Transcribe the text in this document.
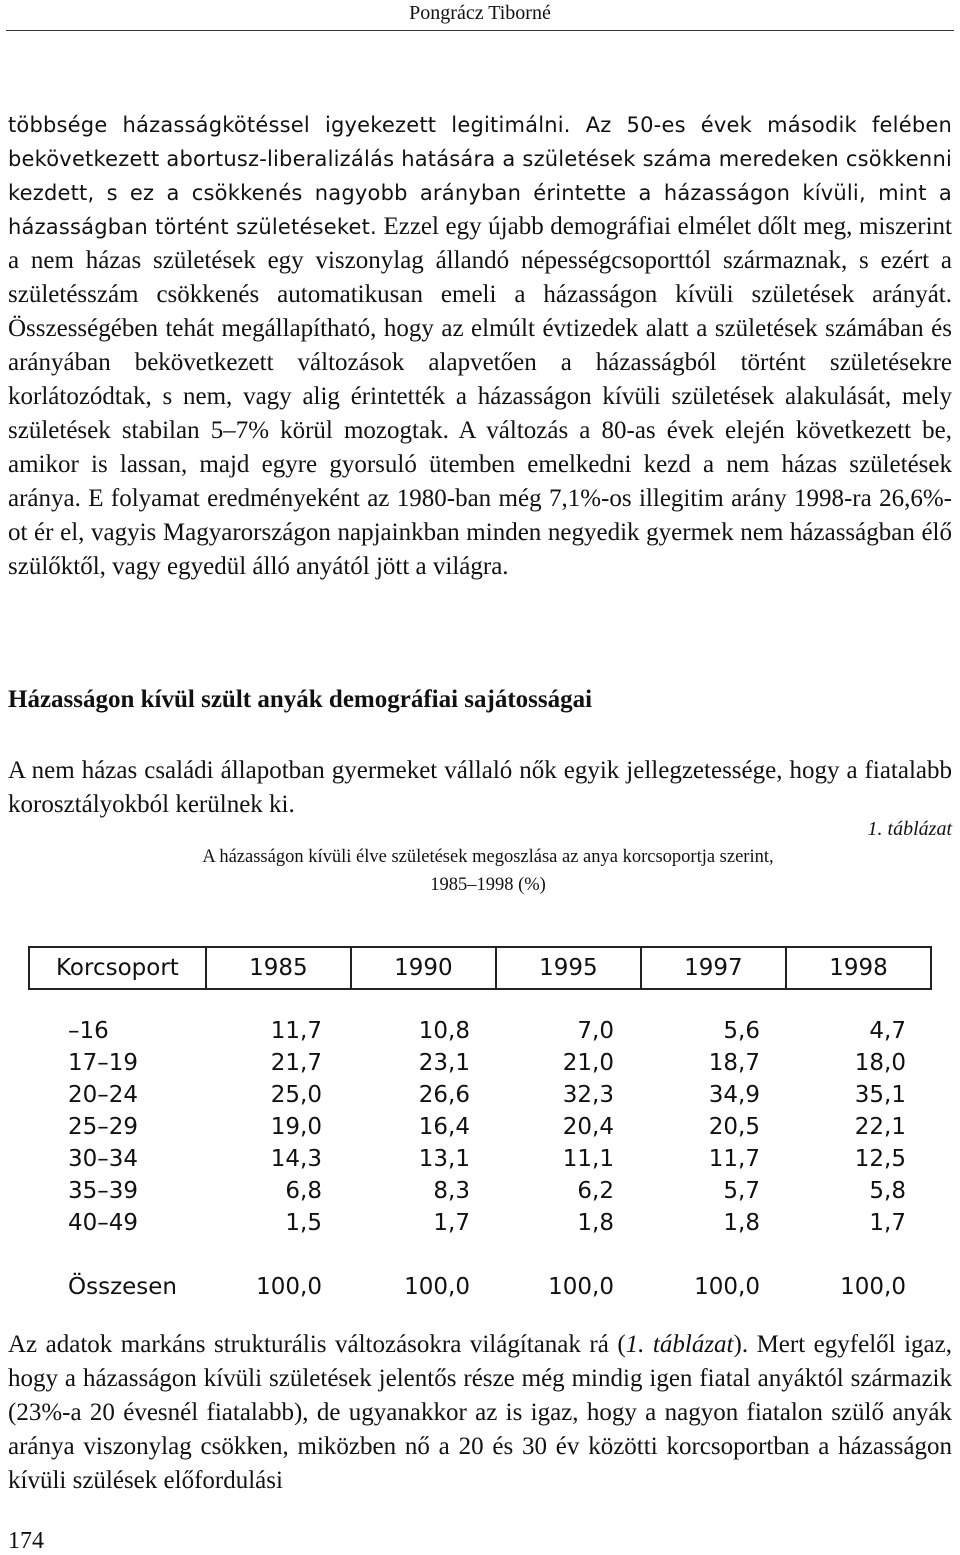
Pongrácz Tiborné
többsége házasságkötéssel igyekezett legitimálni. Az 50-es évek második felében bekövetkezett abortusz-liberalizálás hatására a születések száma meredeken csökkenni kezdett, s ez a csökkenés nagyobb arányban érintette a házasságon kívüli, mint a házasságban történt születéseket. Ezzel egy újabb demográfiai elmélet dőlt meg, miszerint a nem házas születések egy viszonylag állandó népességcsoporttól származnak, s ezért a születésszám csökkenés automatikusan emeli a házasságon kívüli születések arányát. Összességében tehát megállapítható, hogy az elmúlt évtizedek alatt a születések számában és arányában bekövetkezett változások alapvetően a házasságból történt születésekre korlátozódtak, s nem, vagy alig érintették a házasságon kívüli születések alakulását, mely születések stabilan 5–7% körül mozogtak. A változás a 80-as évek elején következett be, amikor is lassan, majd egyre gyorsuló ütemben emelkedni kezd a nem házas születések aránya. E folyamat eredményeként az 1980-ban még 7,1%-os illegitim arány 1998-ra 26,6%-ot ér el, vagyis Magyarországon napjainkban minden negyedik gyermek nem házasságban élő szülőktől, vagy egyedül álló anyától jött a világra.
Házasságon kívül szült anyák demográfiai sajátosságai
A nem házas családi állapotban gyermeket vállaló nők egyik jellegzetessége, hogy a fiatalabb korosztályokból kerülnek ki.
1. táblázat
A házasságon kívüli élve születések megoszlása az anya korcsoportja szerint,
1985–1998 (%)
Korcsoport	1985	1990	1995	1997	1998
–16	11,7	10,8	7,0	5,6	4,7
17–19	21,7	23,1	21,0	18,7	18,0
20–24	25,0	26,6	32,3	34,9	35,1
25–29	19,0	16,4	20,4	20,5	22,1
30–34	14,3	13,1	11,1	11,7	12,5
35–39	6,8	8,3	6,2	5,7	5,8
40–49	1,5	1,7	1,8	1,8	1,7
Összesen	100,0	100,0	100,0	100,0	100,0
Az adatok markáns strukturális változásokra világítanak rá (1. táblázat). Mert egyfelől igaz, hogy a házasságon kívüli születések jelentős része még mindig igen fiatal anyáktól származik (23%-a 20 évesnél fiatalabb), de ugyanakkor az is igaz, hogy a nagyon fiatalon szülő anyák aránya viszonylag csökken, miközben nő a 20 és 30 év közötti korcsoportban a házasságon kívüli szülések előfordulási
174
